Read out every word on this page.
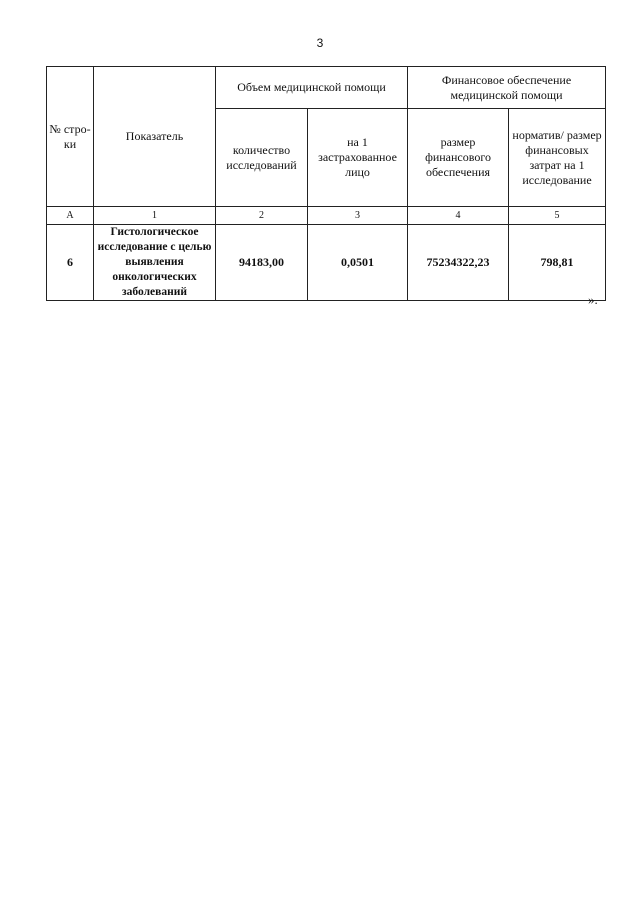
3
№ стро-ки	Показатель	Объем медицинской помощи		Финансовое обеспечение медицинской помощи	
		количество исследований	на 1 застрахованное лицо	размер финансового обеспечения	норматив/ размер финансовых затрат на 1 исследование
А	1	2	3	4	5
6	Гистологическое исследование с целью выявления онкологических заболеваний	94183,00	0,0501	75234322,23	798,81
».
